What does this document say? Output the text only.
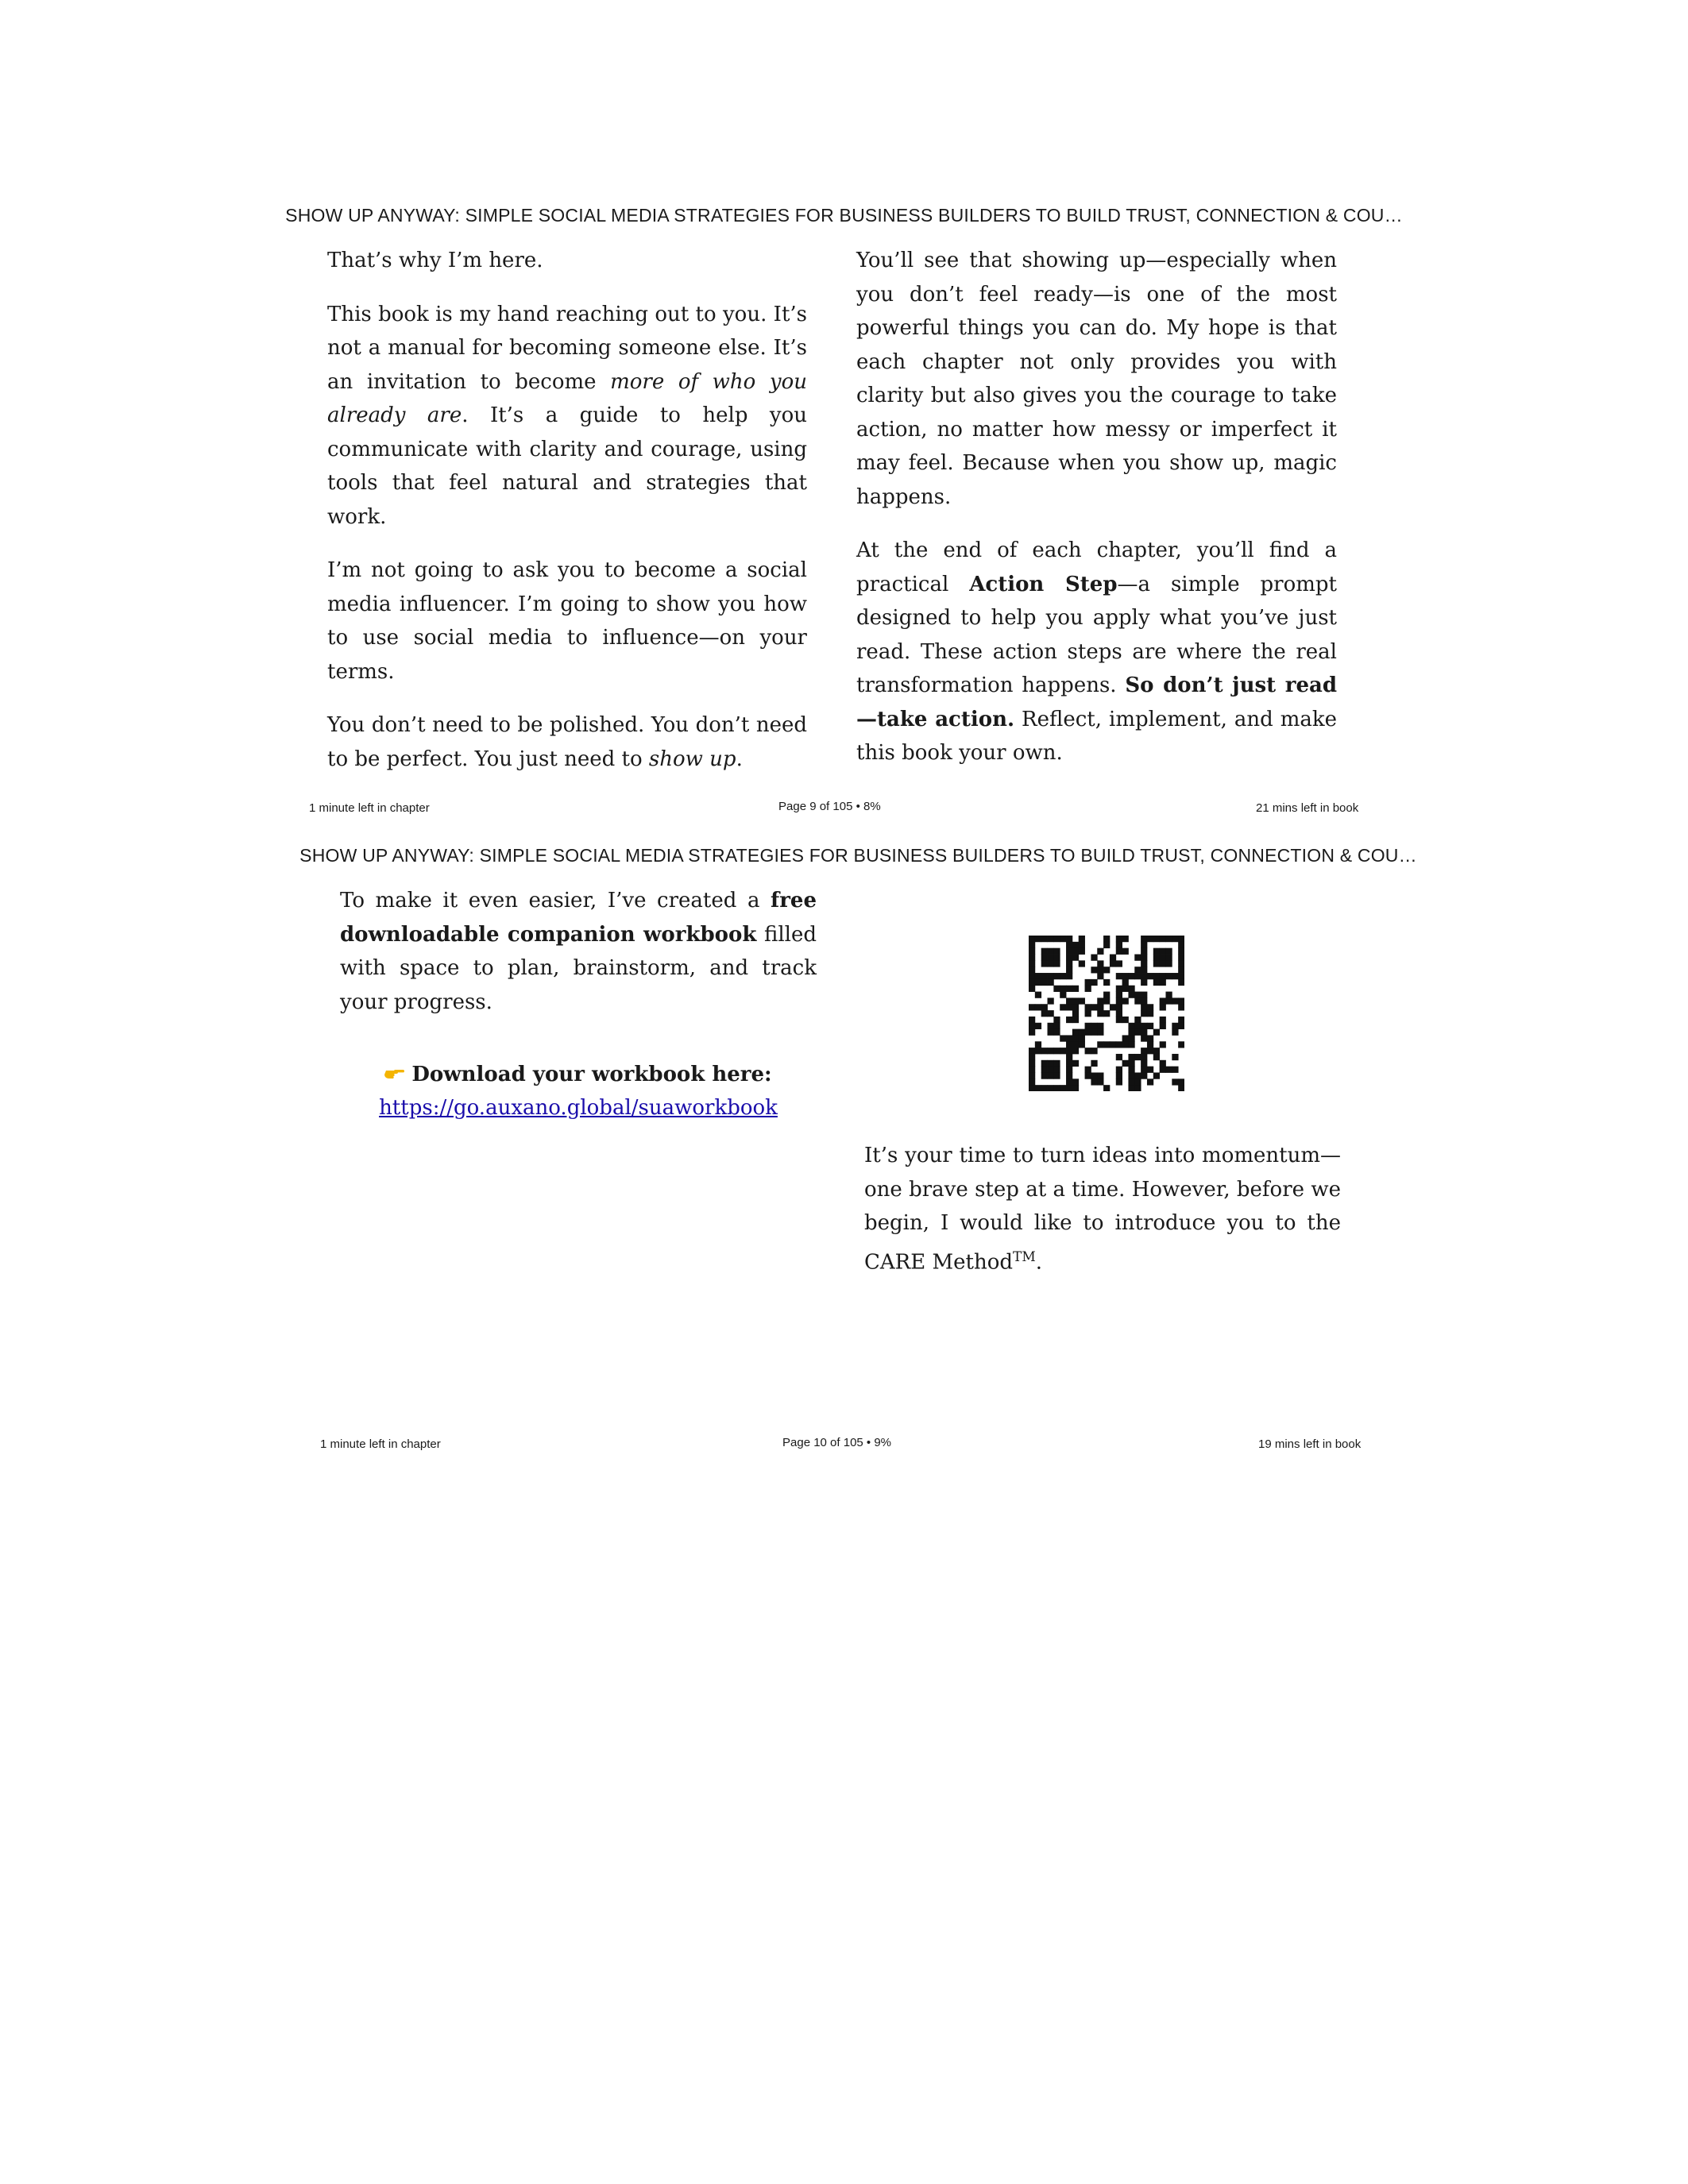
SHOW UP ANYWAY: SIMPLE SOCIAL MEDIA STRATEGIES FOR BUSINESS BUILDERS TO BUILD TRUST, CONNECTION & COU…

That’s why I’m here.

This book is my hand reaching out to you. It’s not a manual for becoming someone else. It’s an invitation to become more of who you already are. It’s a guide to help you communicate with clarity and courage, using tools that feel natural and strategies that work.

I’m not going to ask you to become a social media influencer. I’m going to show you how to use social media to influence—on your terms.

You don’t need to be polished. You don’t need to be perfect. You just need to show up.

You’ll see that showing up—especially when you don’t feel ready—is one of the most powerful things you can do. My hope is that each chapter not only provides you with clarity but also gives you the courage to take action, no matter how messy or imperfect it may feel. Because when you show up, magic happens.

At the end of each chapter, you’ll find a practical Action Step—a simple prompt designed to help you apply what you’ve just read. These action steps are where the real transformation happens. So don’t just read—take action. Reflect, implement, and make this book your own.

1 minute left in chapter	Page 9 of 105 • 8%	21 mins left in book
SHOW UP ANYWAY: SIMPLE SOCIAL MEDIA STRATEGIES FOR BUSINESS BUILDERS TO BUILD TRUST, CONNECTION & COU…

To make it even easier, I’ve created a free downloadable companion workbook filled with space to plan, brainstorm, and track your progress.

Download your workbook here:
https://go.auxano.global/suaworkbook

It’s your time to turn ideas into momentum—one brave step at a time. However, before we begin, I would like to introduce you to the CARE Method™.

1 minute left in chapter	Page 10 of 105 • 9%	19 mins left in book
